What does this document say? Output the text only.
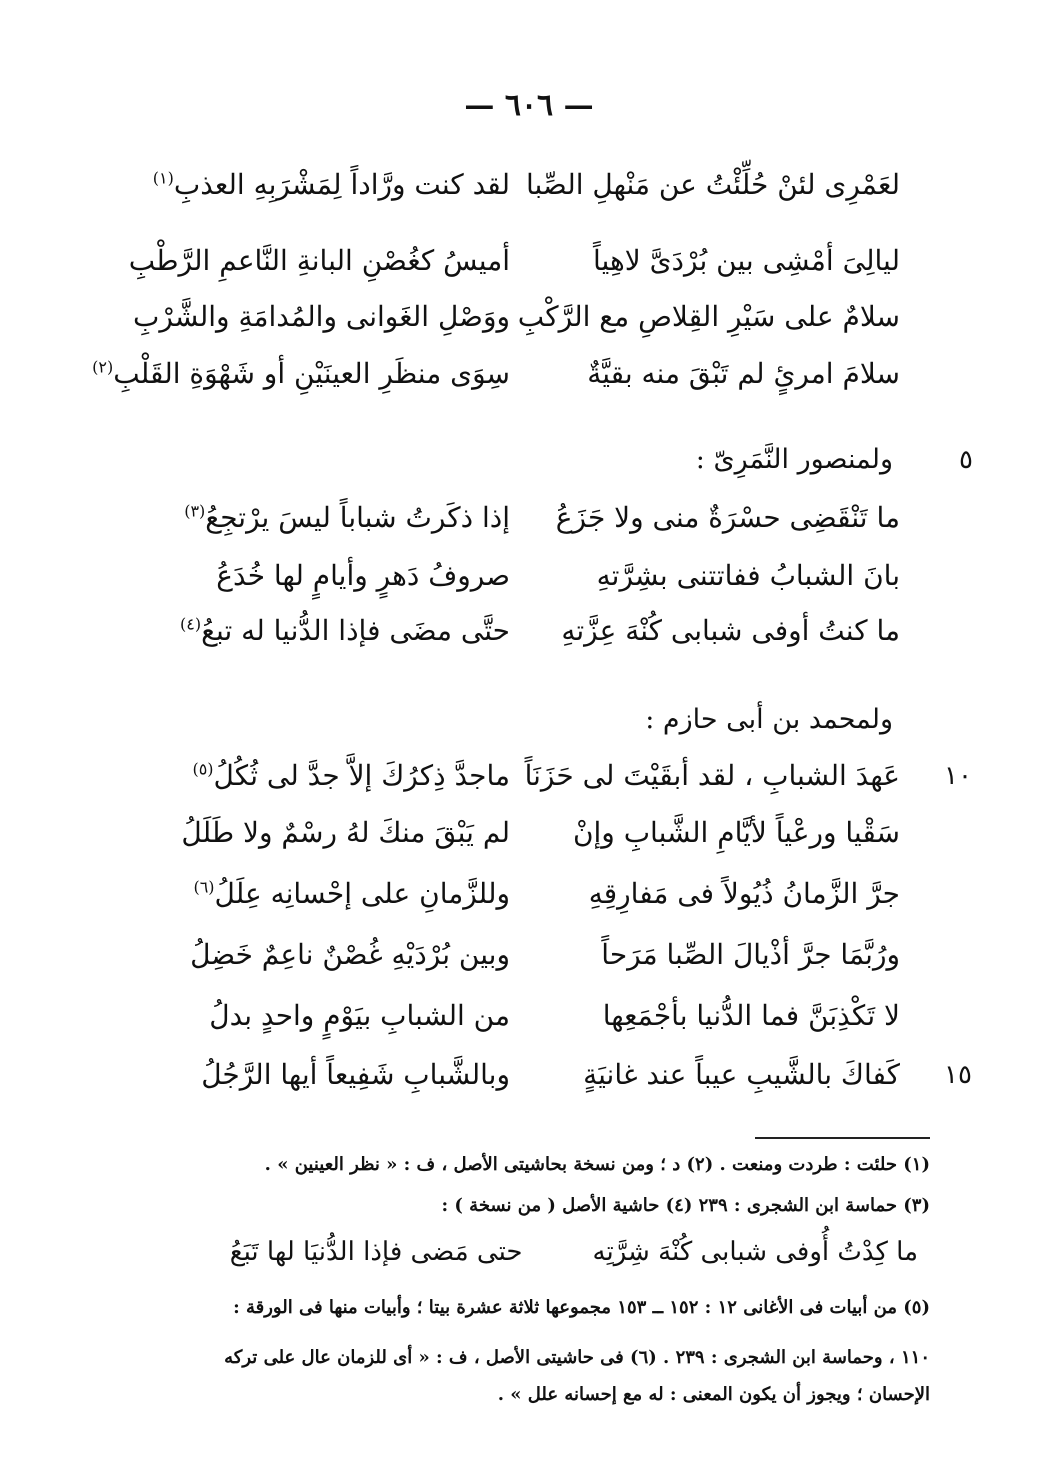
— ٦٠٦ —
لعَمْرِى لئنْ حُلِّئْتُ عن مَنْهلِ الصِّبا
لقد كنت ورَّاداً لِمَشْرَبِهِ العذبِ$^{(١)}$
ليالِىَ أمْشِى بين بُرْدَىَّ لاهِياً
أميسُ كغُصْنِ البانةِ النَّاعمِ الرَّطْبِ
سلامٌ على سَيْرِ القِلاصِ مع الرَّكْبِ
ووَصْلِ الغَوانى والمُدامَةِ والشَّرْبِ
سلامَ امرئٍ لم تَبْقَ منه بقيَّةٌ
سِوَى منظَرِ العينَيْنِ أو شَهْوَةِ القَلْبِ$^{(٢)}$
٥
ولمنصور النَّمَرِىّ :
ما تَنْقَضِى حسْرَةٌ منى ولا جَزَعُ
إذا ذكَرتُ شباباً ليسَ يرْتجِعُ$^{(٣)}$
بانَ الشبابُ ففاتتنى بشِرَّتهِ
صروفُ دَهرٍ وأيامٍ لها خُدَعُ
ما كنتُ أوفى شبابى كُنْهَ عِزَّتهِ
حتَّى مضَى فإذا الدُّنيا له تبعُ$^{(٤)}$
ولمحمد بن أبى حازم :
١٠
عَهدَ الشبابِ ، لقد أبقَيْتَ لى حَزَنَاً
ماجدَّ ذِكرُكَ إلاَّ جدَّ لى ثُكُلُ$^{(٥)}$
سَقْيا ورعْياً لأيَّامِ الشَّبابِ وإنْ
لم يَبْقَ منكَ لهُ رسْمٌ ولا طَلَلُ
جرَّ الزَّمانُ ذُيُولاً فى مَفارِقِهِ
وللزَّمانِ على إحْسانِه عِلَلُ$^{(٦)}$
ورُبَّمَا جرَّ أذْيالَ الصِّبا مَرَحاً
وبين بُرْدَيْهِ غُصْنٌ ناعِمٌ خَضِلُ
لا تَكْذِبَنَّ فما الدُّنيا بأجْمَعِها
من الشبابِ بيَوْمٍ واحدٍ بدلُ
١٥
كَفاكَ بالشَّيبِ عيباً عند غانيَةٍ
وبالشَّبابِ شَفِيعاً أيها الرَّجُلُ
(١) حلئت : طردت ومنعت . (٢) د ؛ ومن نسخة بحاشيتى الأصل ، ف : « نظر العينين » .
(٣) حماسة ابن الشجرى : ٢٣٩ (٤) حاشية الأصل ( من نسخة ) :
ما كِدْتُ أُوفى شبابى كُنْهَ شِرَّتِهحتى مَضى فإذا الدُّنيَا لها تَبَعُ
(٥) من أبيات فى الأغانى ١٢ : ١٥٢ ــ ١٥٣ مجموعها ثلاثة عشرة بيتا ؛ وأبيات منها فى الورقة :
١١٠ ، وحماسة ابن الشجرى : ٢٣٩ . (٦) فى حاشيتى الأصل ، ف : « أى للزمان عال على تركه
الإحسان ؛ ويجوز أن يكون المعنى : له مع إحسانه علل » .
